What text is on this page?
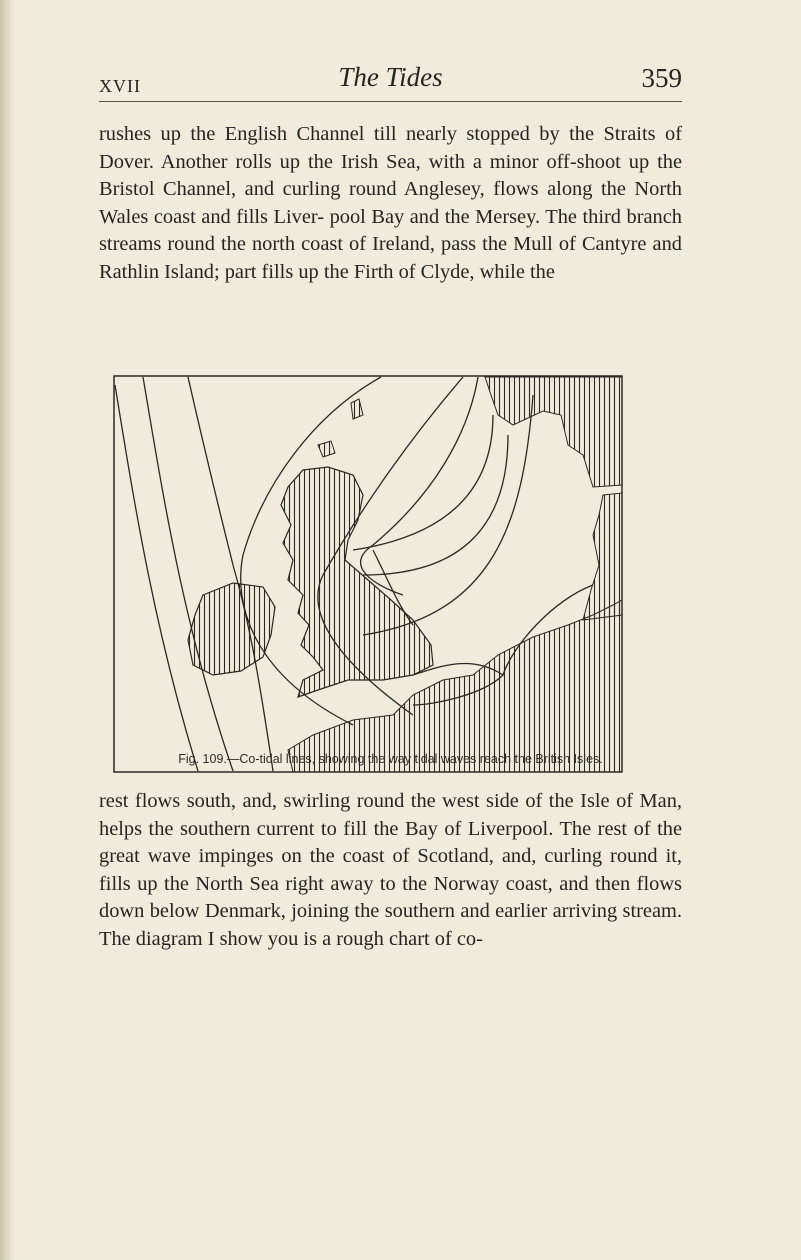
XVII	The Tides	359

rushes up the English Channel till nearly stopped by the Straits of Dover. Another rolls up the Irish Sea, with a minor off-shoot up the Bristol Channel, and curling round Anglesey, flows along the North Wales coast and fills Liver- pool Bay and the Mersey. The third branch streams round the north coast of Ireland, pass the Mull of Cantyre and Rathlin Island; part fills up the Firth of Clyde, while the

Fig. 109.—Co-tidal lines, showing the way tidal waves reach the British Isles.

rest flows south, and, swirling round the west side of the Isle of Man, helps the southern current to fill the Bay of Liverpool. The rest of the great wave impinges on the coast of Scotland, and, curling round it, fills up the North Sea right away to the Norway coast, and then flows down below Denmark, joining the southern and earlier arriving stream. The diagram I show you is a rough chart of co-
